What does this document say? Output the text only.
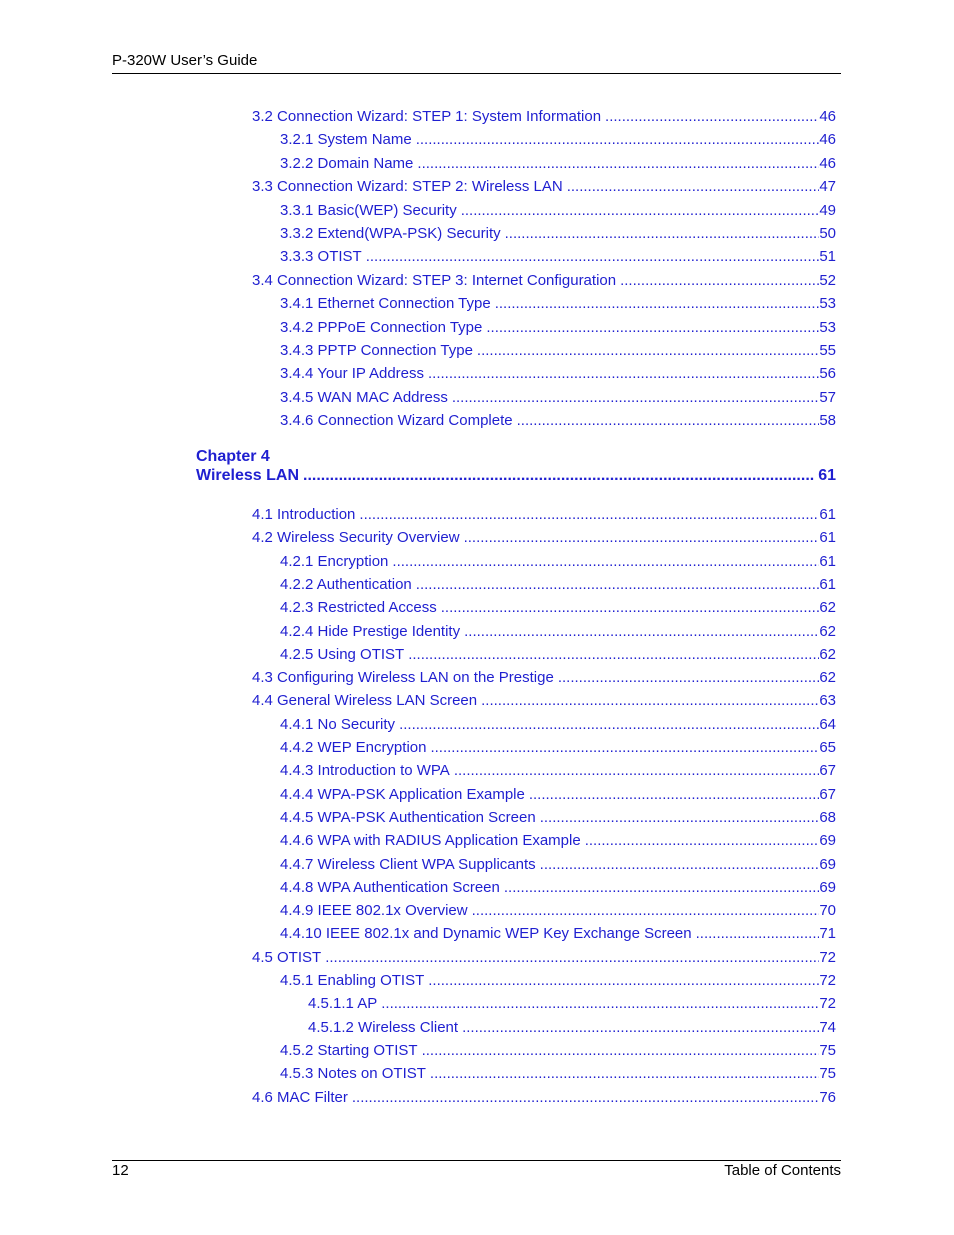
P-320W User’s Guide
3.2 Connection Wizard: STEP 1: System Information .....	46
3.2.1 System Name .....	46
3.2.2 Domain Name .....	46
3.3 Connection Wizard: STEP 2: Wireless LAN .....	47
3.3.1 Basic(WEP) Security .....	49
3.3.2 Extend(WPA-PSK) Security .....	50
3.3.3 OTIST .....	51
3.4 Connection Wizard: STEP 3: Internet Configuration .....	52
3.4.1 Ethernet Connection Type .....	53
3.4.2 PPPoE Connection Type .....	53
3.4.3 PPTP Connection Type .....	55
3.4.4 Your IP Address .....	56
3.4.5 WAN MAC Address .....	57
3.4.6 Connection Wizard Complete .....	58
Chapter 4
Wireless LAN .....	61
4.1 Introduction .....	61
4.2 Wireless Security Overview .....	61
4.2.1 Encryption .....	61
4.2.2 Authentication .....	61
4.2.3 Restricted Access .....	62
4.2.4 Hide Prestige Identity .....	62
4.2.5 Using OTIST .....	62
4.3 Configuring Wireless LAN on the Prestige .....	62
4.4 General Wireless LAN Screen .....	63
4.4.1 No Security .....	64
4.4.2 WEP Encryption .....	65
4.4.3 Introduction to WPA .....	67
4.4.4 WPA-PSK Application Example .....	67
4.4.5 WPA-PSK Authentication Screen .....	68
4.4.6 WPA with RADIUS Application Example .....	69
4.4.7 Wireless Client WPA Supplicants .....	69
4.4.8 WPA Authentication Screen .....	69
4.4.9 IEEE 802.1x Overview .....	70
4.4.10 IEEE 802.1x and Dynamic WEP Key Exchange Screen .....	71
4.5 OTIST .....	72
4.5.1 Enabling OTIST .....	72
4.5.1.1 AP .....	72
4.5.1.2 Wireless Client .....	74
4.5.2 Starting OTIST .....	75
4.5.3 Notes on OTIST .....	75
4.6 MAC Filter .....	76
12	Table of Contents
